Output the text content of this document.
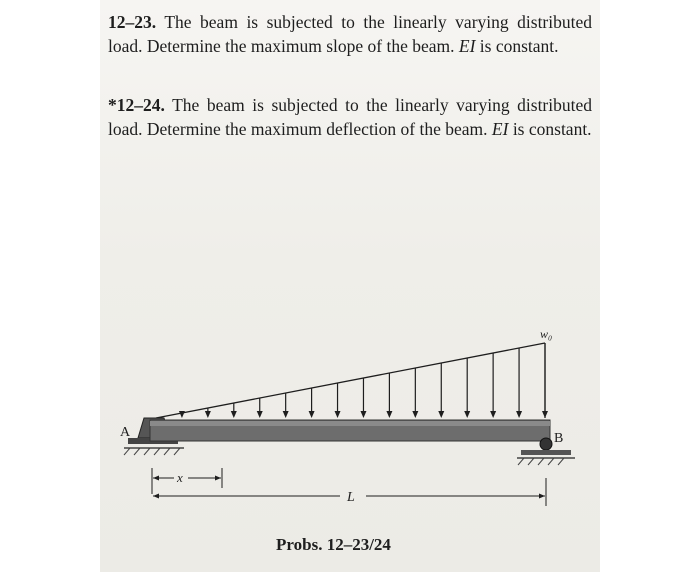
12–23. The beam is subjected to the linearly varying distributed load. Determine the maximum slope of the beam. EI is constant.

*12–24. The beam is subjected to the linearly varying distributed load. Determine the maximum deflection of the beam. EI is constant.

A	B
w₀
x
L
Probs. 12–23/24
